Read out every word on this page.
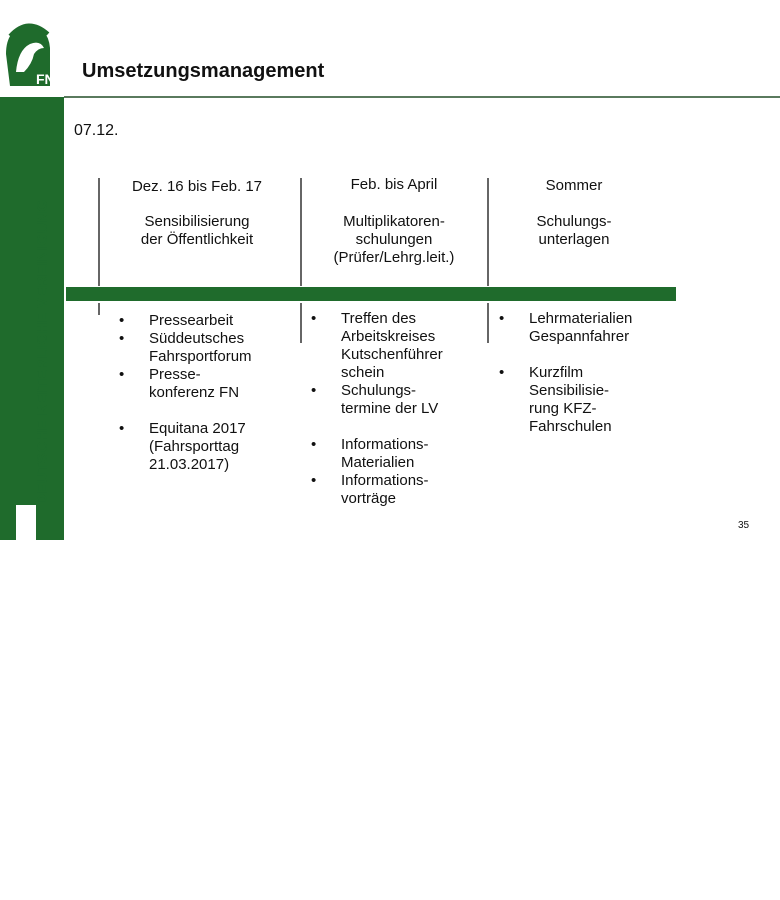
FN
DEUTSCHE REITERLICHE VEREINIGUNG
Umsetzungsmanagement
07.12.
Dez. 16 bis Feb. 17	Feb. bis April	Sommer
Sensibilisierung
der Öffentlichkeit
Multiplikatoren-
schulungen
(Prüfer/Lehrg.leit.)
Schulungs-
unterlagen
• Pressearbeit
• Süddeutsches
Fahrsportforum
• Presse-
konferenz FN
• Equitana 2017
(Fahrsporttag
21.03.2017)
• Treffen des
Arbeitskreises
Kutschenführer
schein
• Schulungs-
termine der LV
• Informations-
Materialien
• Informations-
vorträge
• Lehrmaterialien
Gespannfahrer
• Kurzfilm
Sensibilisie-
rung KFZ-
Fahrschulen
35
